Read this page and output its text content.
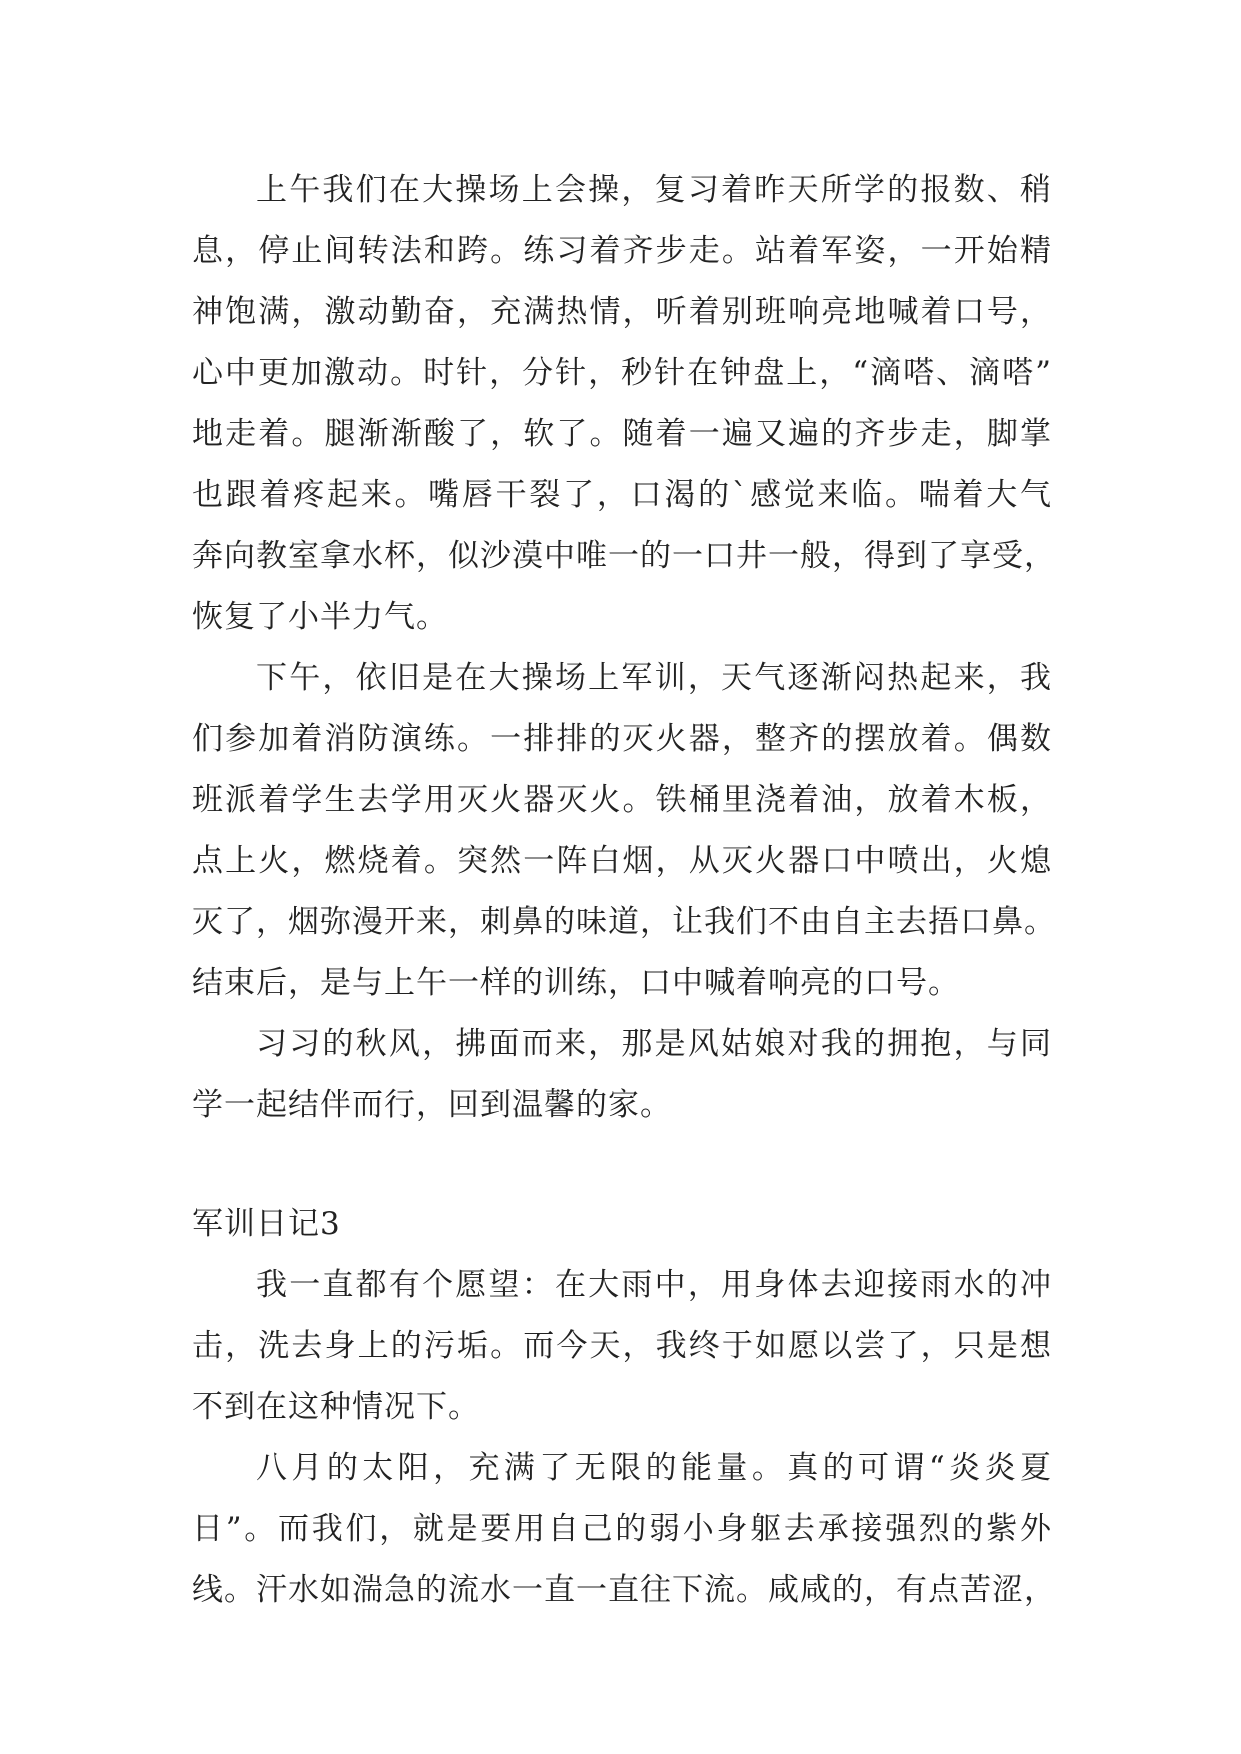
上午我们在大操场上会操，复习着昨天所学的报数、稍
息，停止间转法和跨。练习着齐步走。站着军姿，一开始精
神饱满，激动勤奋，充满热情，听着别班响亮地喊着口号，
心中更加激动。时针，分针，秒针在钟盘上，“滴嗒、滴嗒”
地走着。腿渐渐酸了，软了。随着一遍又遍的齐步走，脚掌
也跟着疼起来。嘴唇干裂了，口渴的`感觉来临。喘着大气
奔向教室拿水杯，似沙漠中唯一的一口井一般，得到了享受，
恢复了小半力气。
下午，依旧是在大操场上军训，天气逐渐闷热起来，我
们参加着消防演练。一排排的灭火器，整齐的摆放着。偶数
班派着学生去学用灭火器灭火。铁桶里浇着油，放着木板，
点上火，燃烧着。突然一阵白烟，从灭火器口中喷出，火熄
灭了，烟弥漫开来，刺鼻的味道，让我们不由自主去捂口鼻。
结束后，是与上午一样的训练，口中喊着响亮的口号。
习习的秋风，拂面而来，那是风姑娘对我的拥抱，与同
学一起结伴而行，回到温馨的家。
军训日记3
我一直都有个愿望：在大雨中，用身体去迎接雨水的冲
击，洗去身上的污垢。而今天，我终于如愿以尝了，只是想
不到在这种情况下。
八月的太阳，充满了无限的能量。真的可谓“炎炎夏
日”。而我们，就是要用自己的弱小身躯去承接强烈的紫外
线。汗水如湍急的流水一直一直往下流。咸咸的，有点苦涩，
